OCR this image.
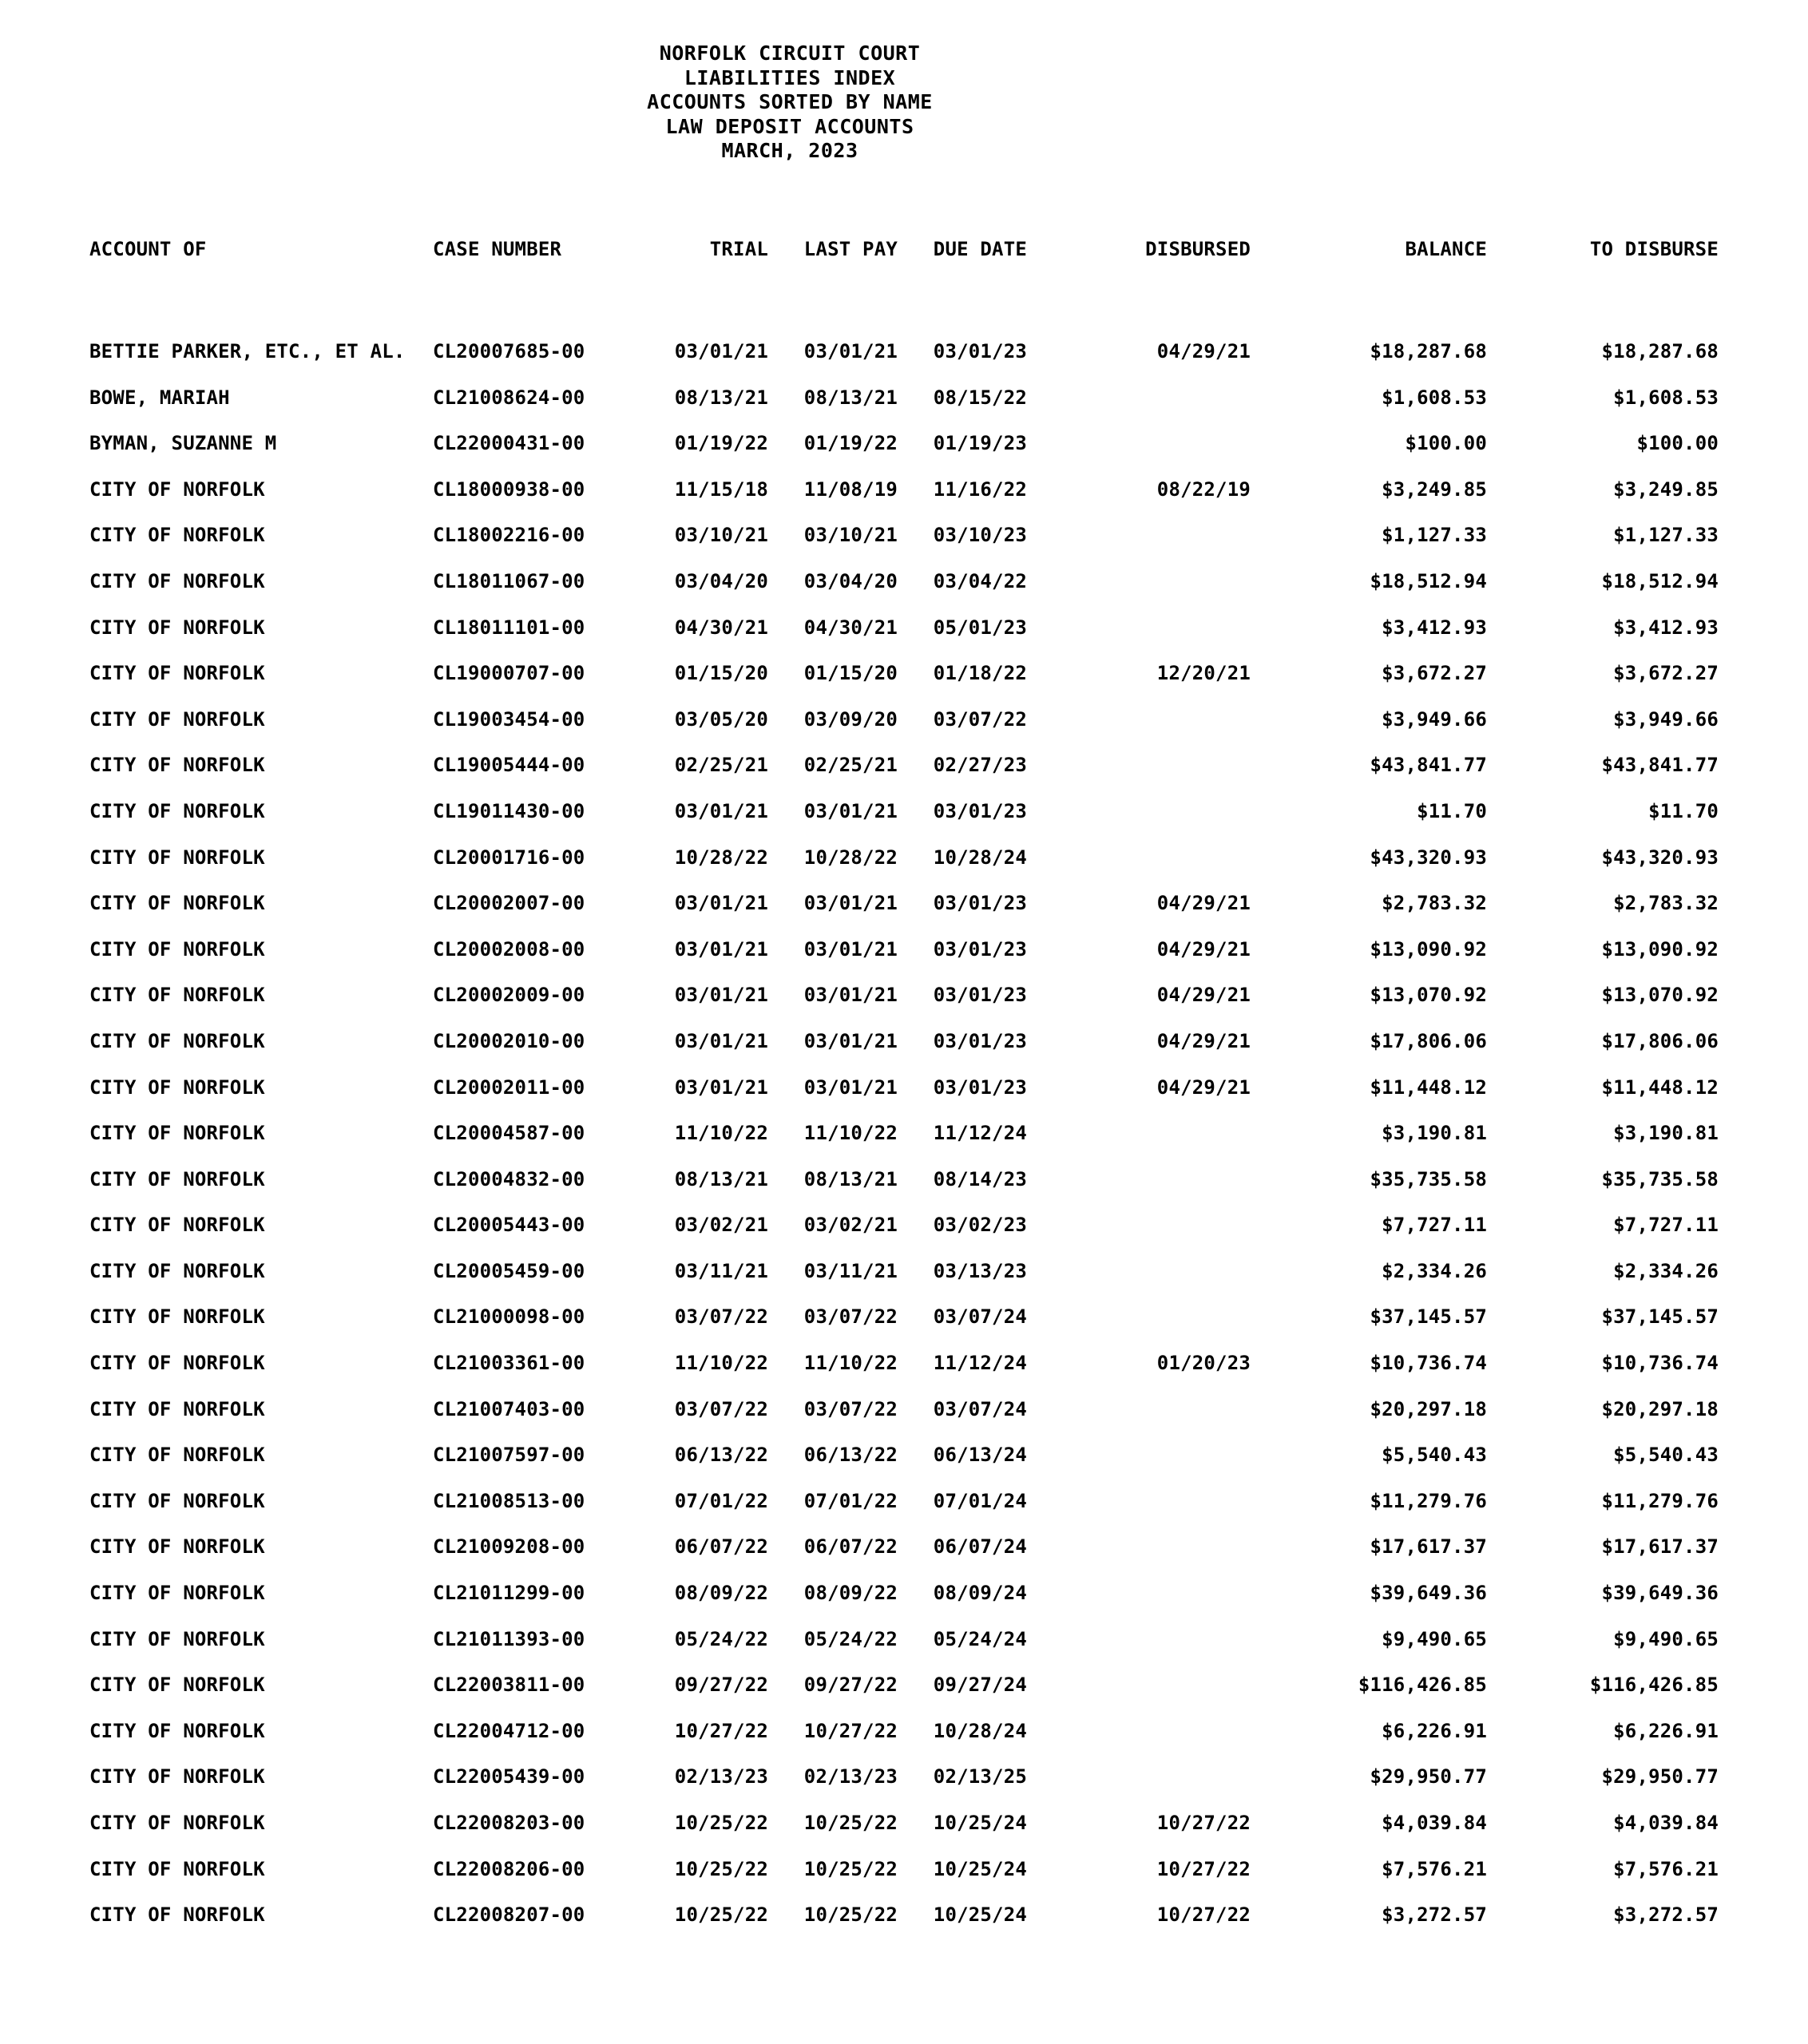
NORFOLK CIRCUIT COURT
LIABILITIES INDEX
ACCOUNTS SORTED BY NAME
LAW DEPOSIT ACCOUNTS
MARCH, 2023
ACCOUNT OF	CASE NUMBER	TRIAL	LAST PAY	DUE DATE	DISBURSED	BALANCE	TO DISBURSE

BETTIE PARKER, ETC., ET AL.	CL20007685-00	03/01/21	03/01/21	03/01/23	04/29/21	$18,287.68	$18,287.68
BOWE, MARIAH	CL21008624-00	08/13/21	08/13/21	08/15/22		$1,608.53	$1,608.53
BYMAN, SUZANNE M	CL22000431-00	01/19/22	01/19/22	01/19/23		$100.00	$100.00
CITY OF NORFOLK	CL18000938-00	11/15/18	11/08/19	11/16/22	08/22/19	$3,249.85	$3,249.85
CITY OF NORFOLK	CL18002216-00	03/10/21	03/10/21	03/10/23		$1,127.33	$1,127.33
CITY OF NORFOLK	CL18011067-00	03/04/20	03/04/20	03/04/22		$18,512.94	$18,512.94
CITY OF NORFOLK	CL18011101-00	04/30/21	04/30/21	05/01/23		$3,412.93	$3,412.93
CITY OF NORFOLK	CL19000707-00	01/15/20	01/15/20	01/18/22	12/20/21	$3,672.27	$3,672.27
CITY OF NORFOLK	CL19003454-00	03/05/20	03/09/20	03/07/22		$3,949.66	$3,949.66
CITY OF NORFOLK	CL19005444-00	02/25/21	02/25/21	02/27/23		$43,841.77	$43,841.77
CITY OF NORFOLK	CL19011430-00	03/01/21	03/01/21	03/01/23		$11.70	$11.70
CITY OF NORFOLK	CL20001716-00	10/28/22	10/28/22	10/28/24		$43,320.93	$43,320.93
CITY OF NORFOLK	CL20002007-00	03/01/21	03/01/21	03/01/23	04/29/21	$2,783.32	$2,783.32
CITY OF NORFOLK	CL20002008-00	03/01/21	03/01/21	03/01/23	04/29/21	$13,090.92	$13,090.92
CITY OF NORFOLK	CL20002009-00	03/01/21	03/01/21	03/01/23	04/29/21	$13,070.92	$13,070.92
CITY OF NORFOLK	CL20002010-00	03/01/21	03/01/21	03/01/23	04/29/21	$17,806.06	$17,806.06
CITY OF NORFOLK	CL20002011-00	03/01/21	03/01/21	03/01/23	04/29/21	$11,448.12	$11,448.12
CITY OF NORFOLK	CL20004587-00	11/10/22	11/10/22	11/12/24		$3,190.81	$3,190.81
CITY OF NORFOLK	CL20004832-00	08/13/21	08/13/21	08/14/23		$35,735.58	$35,735.58
CITY OF NORFOLK	CL20005443-00	03/02/21	03/02/21	03/02/23		$7,727.11	$7,727.11
CITY OF NORFOLK	CL20005459-00	03/11/21	03/11/21	03/13/23		$2,334.26	$2,334.26
CITY OF NORFOLK	CL21000098-00	03/07/22	03/07/22	03/07/24		$37,145.57	$37,145.57
CITY OF NORFOLK	CL21003361-00	11/10/22	11/10/22	11/12/24	01/20/23	$10,736.74	$10,736.74
CITY OF NORFOLK	CL21007403-00	03/07/22	03/07/22	03/07/24		$20,297.18	$20,297.18
CITY OF NORFOLK	CL21007597-00	06/13/22	06/13/22	06/13/24		$5,540.43	$5,540.43
CITY OF NORFOLK	CL21008513-00	07/01/22	07/01/22	07/01/24		$11,279.76	$11,279.76
CITY OF NORFOLK	CL21009208-00	06/07/22	06/07/22	06/07/24		$17,617.37	$17,617.37
CITY OF NORFOLK	CL21011299-00	08/09/22	08/09/22	08/09/24		$39,649.36	$39,649.36
CITY OF NORFOLK	CL21011393-00	05/24/22	05/24/22	05/24/24		$9,490.65	$9,490.65
CITY OF NORFOLK	CL22003811-00	09/27/22	09/27/22	09/27/24		$116,426.85	$116,426.85
CITY OF NORFOLK	CL22004712-00	10/27/22	10/27/22	10/28/24		$6,226.91	$6,226.91
CITY OF NORFOLK	CL22005439-00	02/13/23	02/13/23	02/13/25		$29,950.77	$29,950.77
CITY OF NORFOLK	CL22008203-00	10/25/22	10/25/22	10/25/24	10/27/22	$4,039.84	$4,039.84
CITY OF NORFOLK	CL22008206-00	10/25/22	10/25/22	10/25/24	10/27/22	$7,576.21	$7,576.21
CITY OF NORFOLK	CL22008207-00	10/25/22	10/25/22	10/25/24	10/27/22	$3,272.57	$3,272.57
